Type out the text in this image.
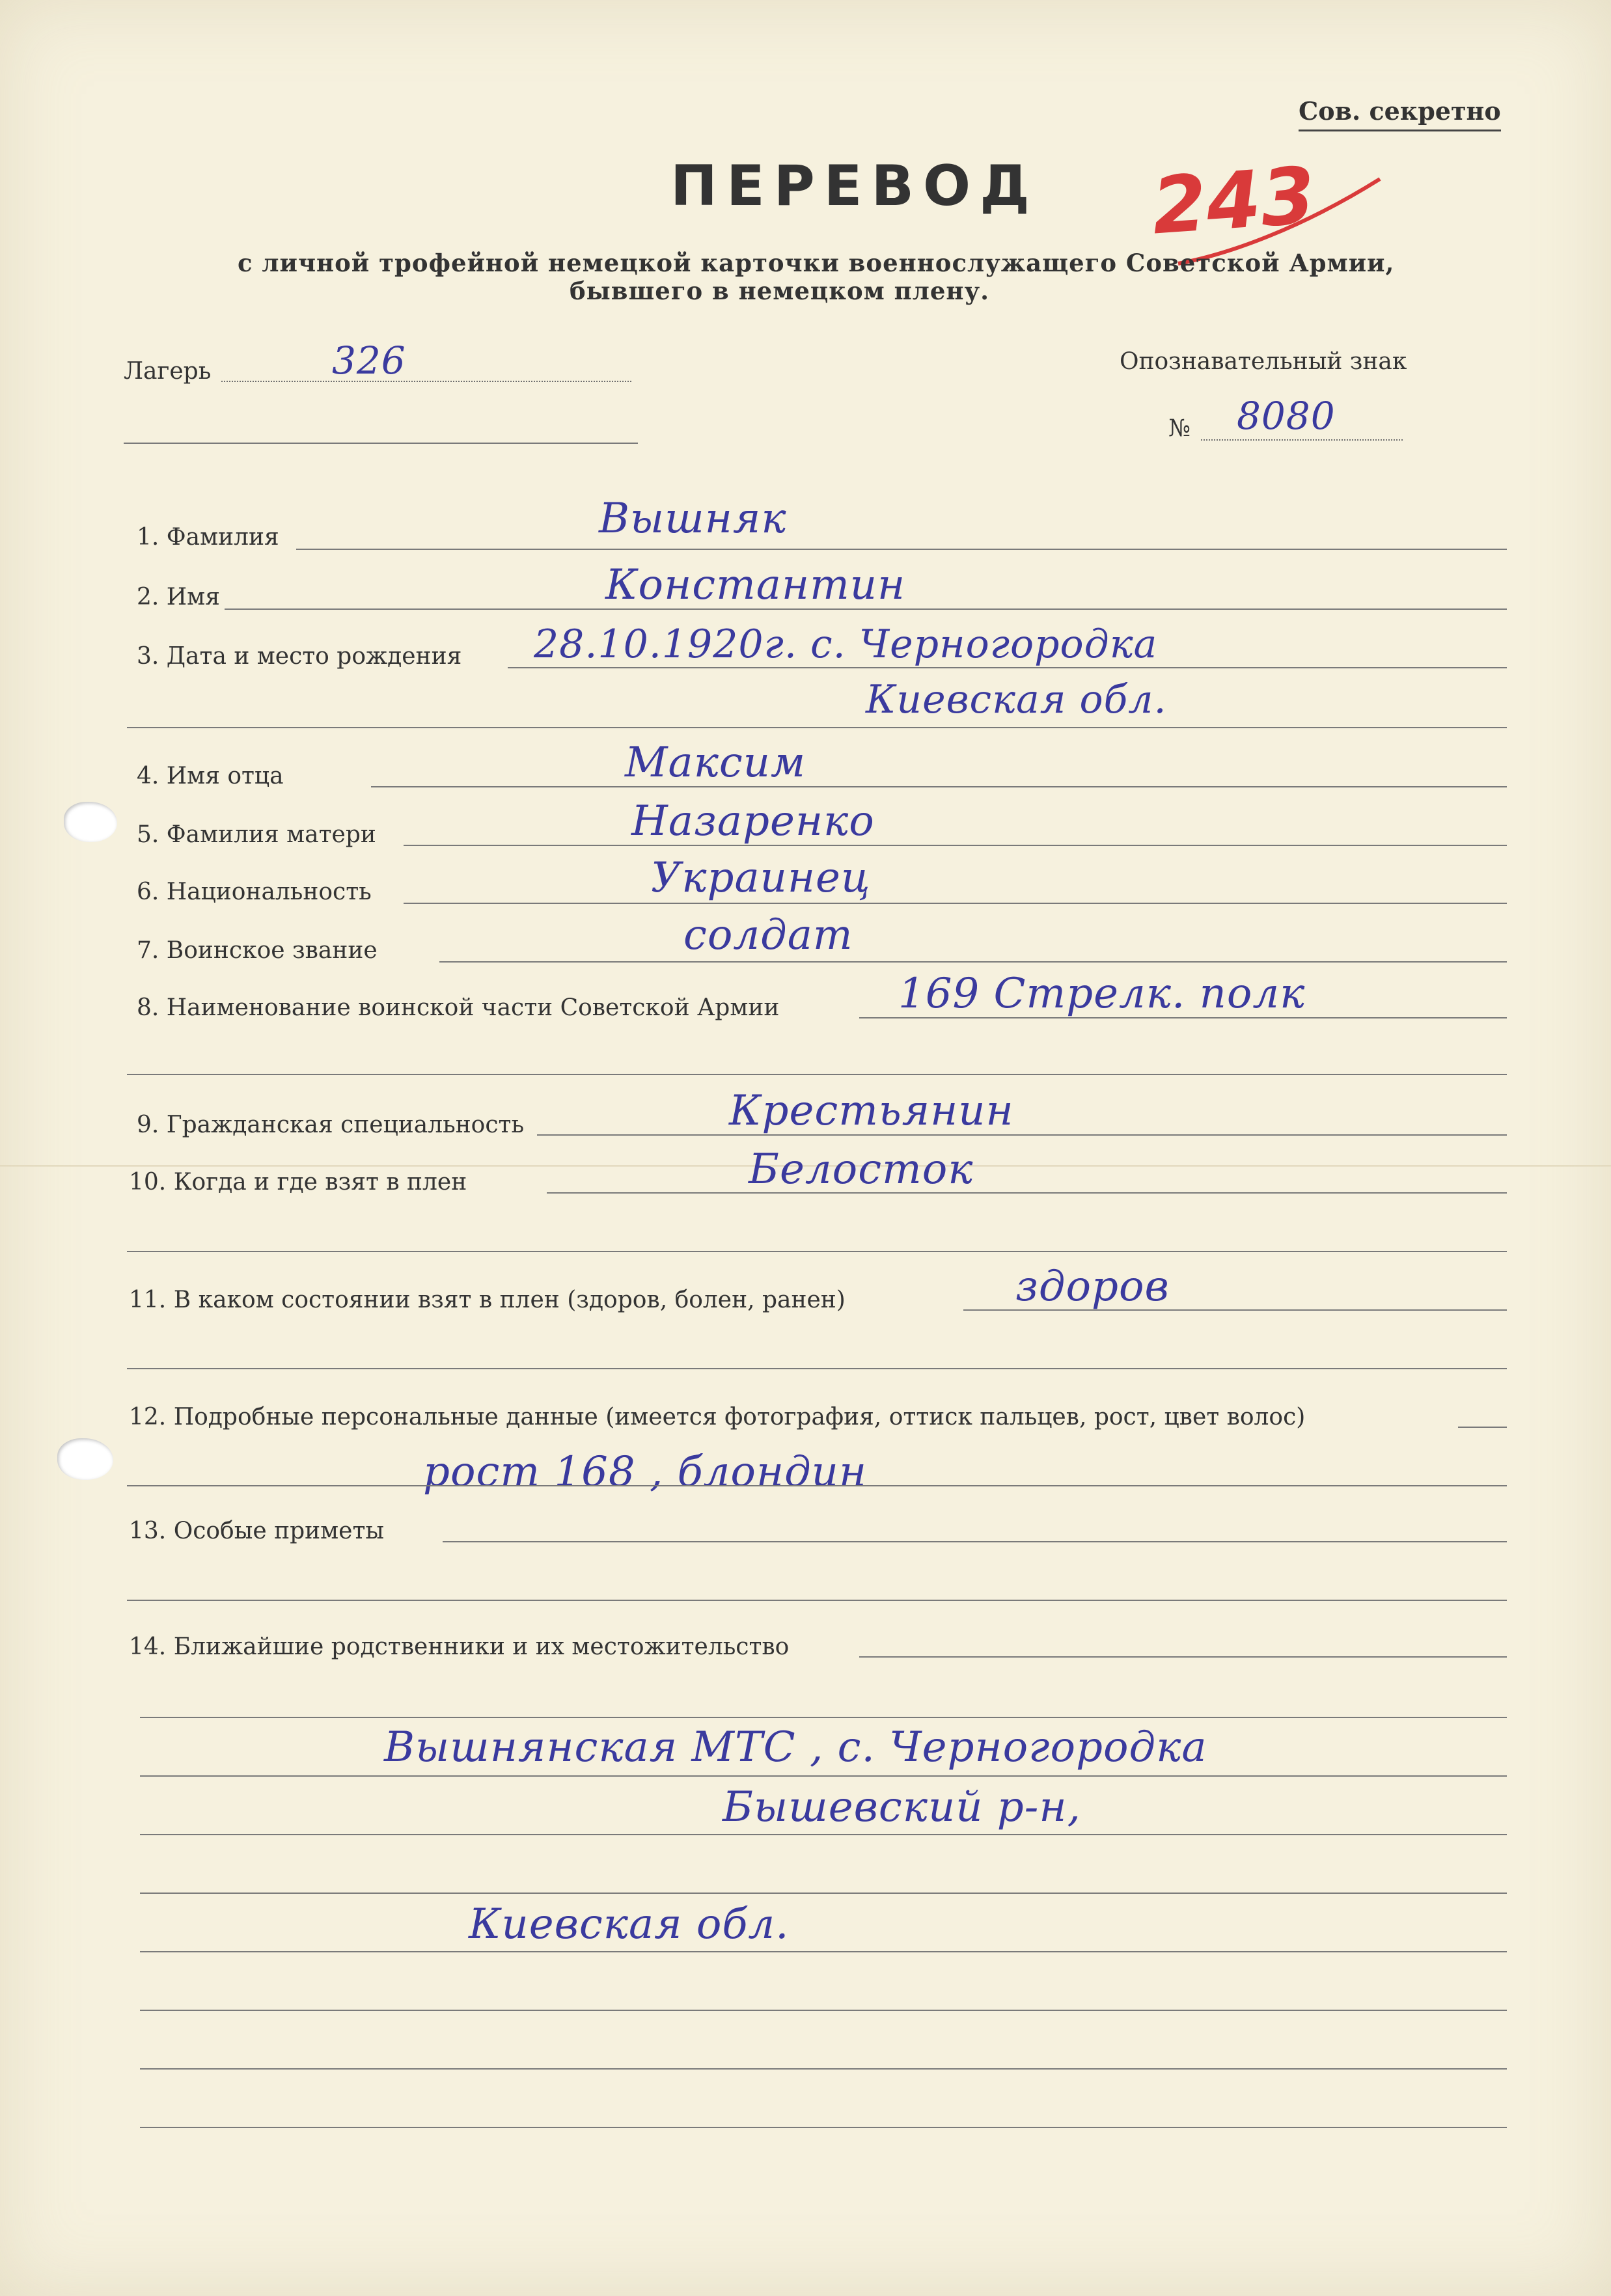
Сов. секретно
ПЕРЕВОД 243
с личной трофейной немецкой карточки военнослужащего Советской Армии,
бывшего в немецком плену.
Лагерь	326	Опознавательный знак
№ 8080
1. Фамилия	Вышняк
2. Имя	Константин
3. Дата и место рождения 28.10.1920г. с. Черногородка
Киевская обл.
4. Имя отца	Максим
5. Фамилия матери	Назаренко
6. Национальность	Украинец
7. Воинское звание	солдат
8. Наименование воинской части Советской Армии	169 Стрелк. полк
9. Гражданская специальность	Крестьянин
10. Когда и где взят в плен	Белосток
11. В каком состоянии взят в плен (здоров, болен, ранен)	здоров
12. Подробные персональные данные (имеется фотография, оттиск пальцев, рост, цвет волос)
рост 168 , блондин
13. Особые приметы
14. Ближайшие родственники и их местожительство
Вышнянская МТС , с. Черногородка
Бышевский р-н,
Киевская обл.
